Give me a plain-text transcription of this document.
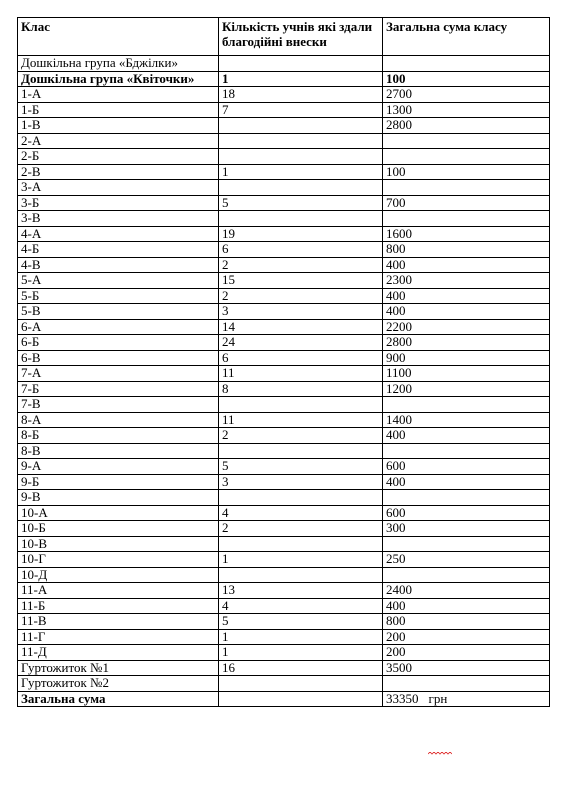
Клас	Кількість учнів які здали благодійні внески	Загальна сума класу
Дошкільна група «Бджілки»		
Дошкільна група «Квіточки»	1	100
1-А	18	2700
1-Б	7	1300
1-В		2800
2-А		
2-Б		
2-В	1	100
3-А		
3-Б	5	700
3-В		
4-А	19	1600
4-Б	6	800
4-В	2	400
5-А	15	2300
5-Б	2	400
5-В	3	400
6-А	14	2200
6-Б	24	2800
6-В	6	900
7-А	11	1100
7-Б	8	1200
7-В		
8-А	11	1400
8-Б	2	400
8-В		
9-А	5	600
9-Б	3	400
9-В		
10-А	4	600
10-Б	2	300
10-В		
10-Г	1	250
10-Д		
11-А	13	2400
11-Б	4	400
11-В	5	800
11-Г	1	200
11-Д	1	200
Гуртожиток №1	16	3500
Гуртожиток №2		
Загальна сума		33350 грн
